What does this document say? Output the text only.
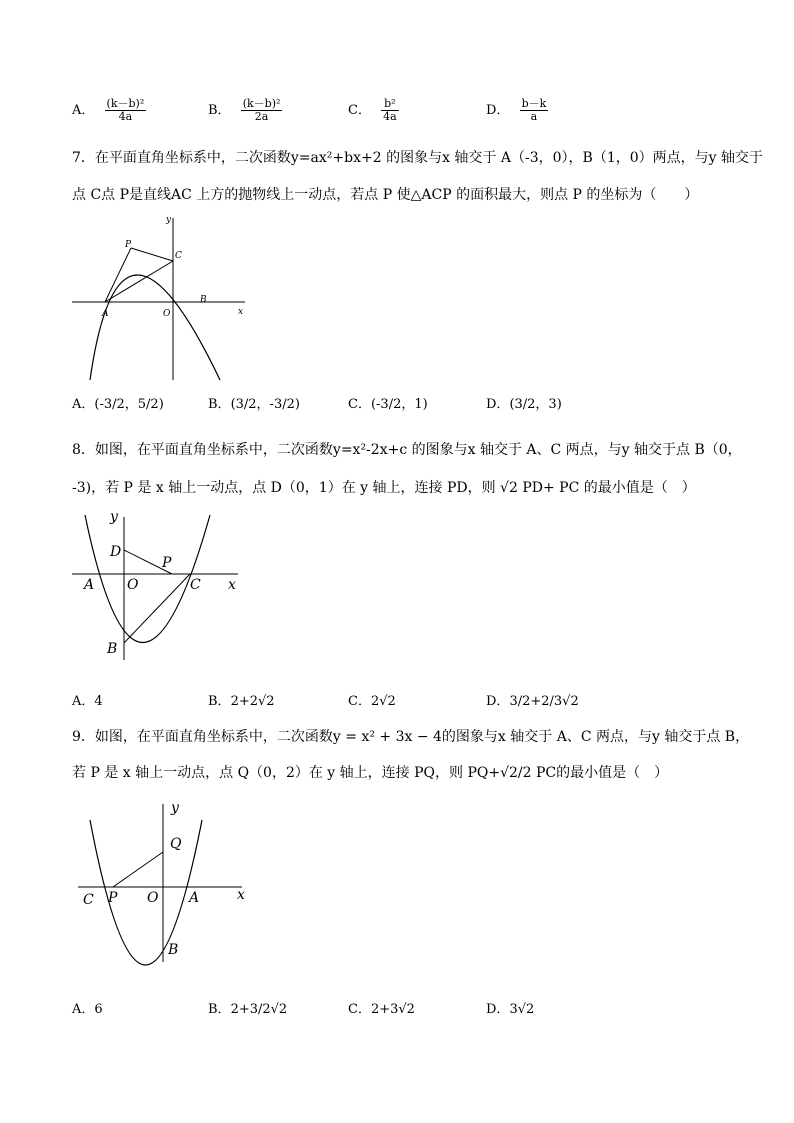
A． $\frac{\text{(k－b)²}}{4a}$	B． $\frac{\text{(k－b)²}}{2a}$	C． $\frac{\text{b²}}{4a}$	D． $\frac{b-k}{a}$
7．在平面直角坐标系中，二次函数y=ax²+bx+2 的图象与x 轴交于 A（-3，0），B（1，0）两点，与y 轴交于
点 C点 P是直线AC 上方的抛物线上一动点，若点 P 使△ACP 的面积最大，则点 P 的坐标为（　　）
P
C
y
A	O
B
x
A．(-3/2，5/2)	B．(3/2，-3/2)	C．(-3/2，1)	D．(3/2，3)
8．如图，在平面直角坐标系中，二次函数y=x²-2x+c 的图象与x 轴交于 A、C 两点，与y 轴交于点 B（0，
-3)，若 P 是 x 轴上一动点，点 D（0，1）在 y 轴上，连接 PD，则 √2 PD+ PC 的最小值是（　）
y
D
P
A O	C x
B
A．4	B．2+2√2	C．2√2	D．3/2+2/3√2
9．如图，在平面直角坐标系中，二次函数y = x² + 3x − 4的图象与x 轴交于 A、C 两点，与y 轴交于点 B，
若 P 是 x 轴上一动点，点 Q（0，2）在 y 轴上，连接 PQ，则 PQ+√2/2 PC的最小值是（　）
y
Q
C P O A	x
B
A．6	B．2+3/2√2	C．2+3√2	D．3√2
